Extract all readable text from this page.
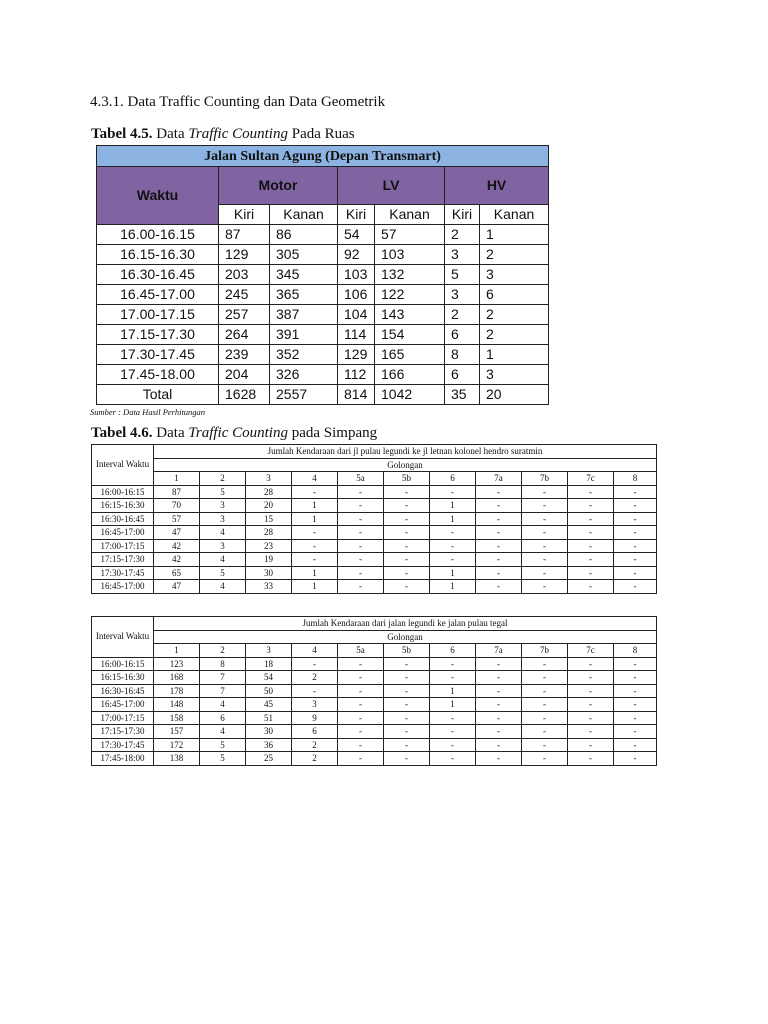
4.3.1. Data Traffic Counting dan Data Geometrik
Tabel 4.5. Data Traffic Counting Pada Ruas
Jalan Sultan Agung (Depan Transmart)						
Waktu	Motor		LV		HV	
	Kiri	Kanan	Kiri	Kanan	Kiri	Kanan
16.00-16.15	87	86	54	57	2	1
16.15-16.30	129	305	92	103	3	2
16.30-16.45	203	345	103	132	5	3
16.45-17.00	245	365	106	122	3	6
17.00-17.15	257	387	104	143	2	2
17.15-17.30	264	391	114	154	6	2
17.30-17.45	239	352	129	165	8	1
17.45-18.00	204	326	112	166	6	3
Total	1628	2557	814	1042	35	20
Sumber : Data Hasil Perhitungan
Tabel 4.6. Data Traffic Counting pada Simpang
Interval Waktu	Jumlah Kendaraan dari jl pulau legundi ke jl letnan kolonel hendro suratmin										
	Golongan										
	1	2	3	4	5a	5b	6	7a	7b	7c	8
16:00-16:15	87	5	28	-	-	-	-	-	-	-	-
16:15-16:30	70	3	20	1	-	-	1	-	-	-	-
16:30-16:45	57	3	15	1	-	-	1	-	-	-	-
16:45-17:00	47	4	28	-	-	-	-	-	-	-	-
17:00-17:15	42	3	23	-	-	-	-	-	-	-	-
17:15-17:30	42	4	19	-	-	-	-	-	-	-	-
17:30-17:45	65	5	30	1	-	-	1	-	-	-	-
16:45-17:00	47	4	33	1	-	-	1	-	-	-	-
Interval Waktu	Jumlah Kendaraan dari jalan legundi ke jalan pulau tegal										
	Golongan										
	1	2	3	4	5a	5b	6	7a	7b	7c	8
16:00-16:15	123	8	18	-	-	-	-	-	-	-	-
16:15-16:30	168	7	54	2	-	-	-	-	-	-	-
16:30-16:45	178	7	50	-	-	-	1	-	-	-	-
16:45-17:00	148	4	45	3	-	-	1	-	-	-	-
17:00-17:15	158	6	51	9	-	-	-	-	-	-	-
17:15-17:30	157	4	30	6	-	-	-	-	-	-	-
17:30-17:45	172	5	36	2	-	-	-	-	-	-	-
17:45-18:00	138	5	25	2	-	-	-	-	-	-	-
